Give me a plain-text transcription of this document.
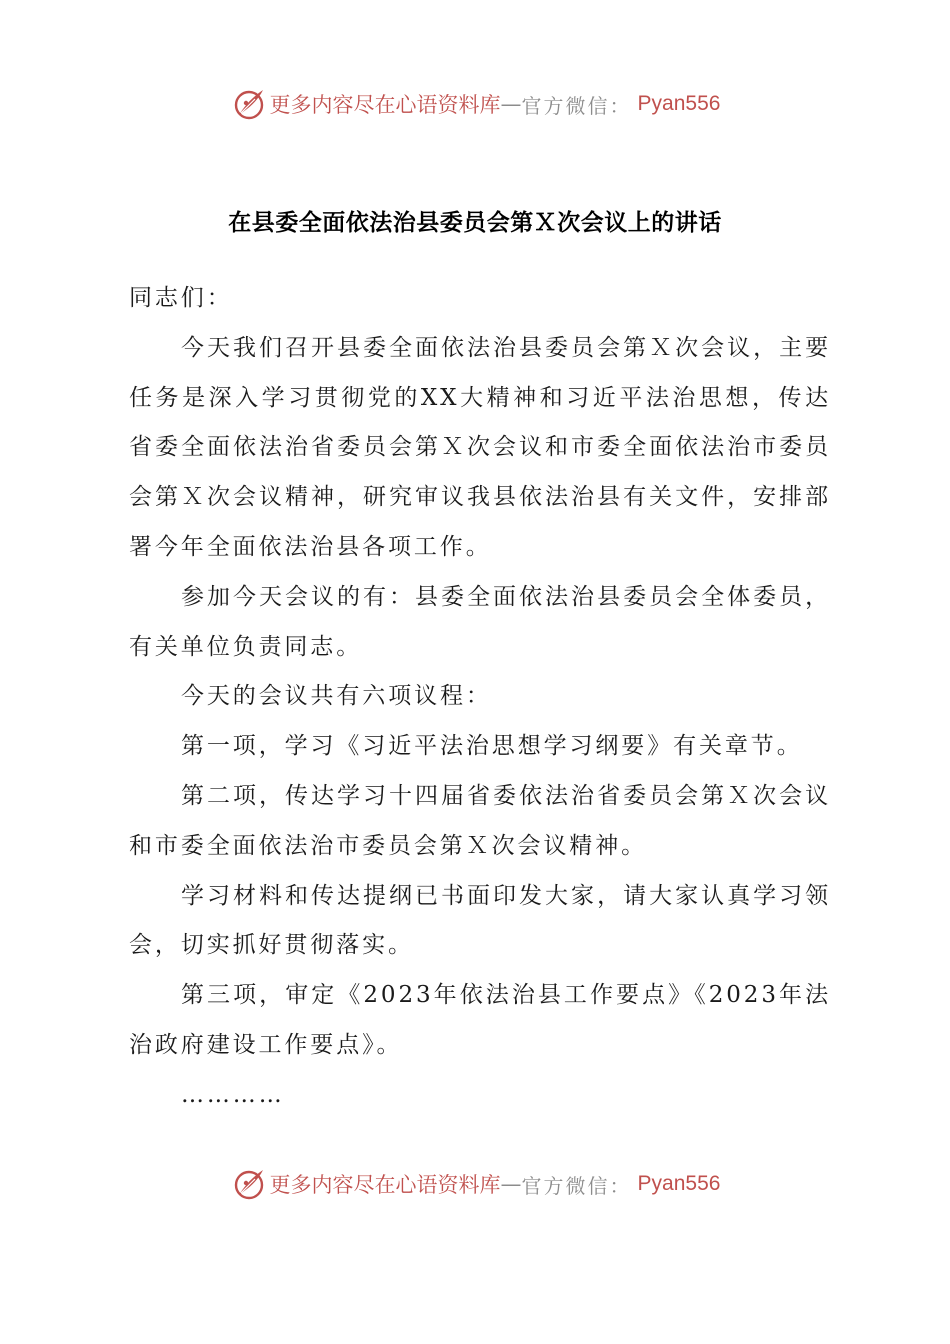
更多内容尽在心语资料库 — 官方微信： Pyan556
在县委全面依法治县委员会第Ｘ次会议上的讲话

同志们：

今天我们召开县委全面依法治县委员会第Ｘ次会议，主要任务是深入学习贯彻党的XX大精神和习近平法治思想，传达省委全面依法治省委员会第Ｘ次会议和市委全面依法治市委员会第Ｘ次会议精神，研究审议我县依法治县有关文件，安排部署今年全面依法治县各项工作。

参加今天会议的有：县委全面依法治县委员会全体委员，有关单位负责同志。

今天的会议共有六项议程：

第一项，学习《习近平法治思想学习纲要》有关章节。

第二项，传达学习十四届省委依法治省委员会第Ｘ次会议和市委全面依法治市委员会第Ｘ次会议精神。

学习材料和传达提纲已书面印发大家，请大家认真学习领会，切实抓好贯彻落实。

第三项，审定《2023年依法治县工作要点》《2023年法治政府建设工作要点》。

…………

更多内容尽在心语资料库 — 官方微信： Pyan556
